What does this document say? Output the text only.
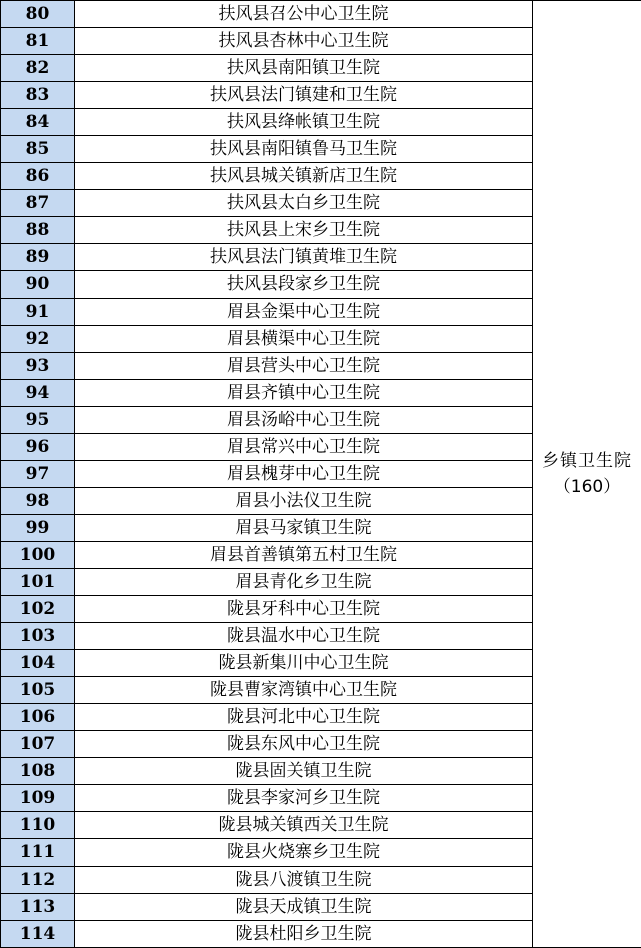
80	扶风县召公中心卫生院	乡镇卫生院
（160）

81	扶风县杏林中心卫生院	
82	扶风县南阳镇卫生院	
83	扶风县法门镇建和卫生院	
84	扶风县绛帐镇卫生院	
85	扶风县南阳镇鲁马卫生院	
86	扶风县城关镇新店卫生院	
87	扶风县太白乡卫生院	
88	扶风县上宋乡卫生院	
89	扶风县法门镇黄堆卫生院	
90	扶风县段家乡卫生院	
91	眉县金渠中心卫生院	
92	眉县横渠中心卫生院	
93	眉县营头中心卫生院	
94	眉县齐镇中心卫生院	
95	眉县汤峪中心卫生院	
96	眉县常兴中心卫生院	
97	眉县槐芽中心卫生院	
98	眉县小法仪卫生院	
99	眉县马家镇卫生院	
100	眉县首善镇第五村卫生院	
101	眉县青化乡卫生院	
102	陇县牙科中心卫生院	
103	陇县温水中心卫生院	
104	陇县新集川中心卫生院	
105	陇县曹家湾镇中心卫生院	
106	陇县河北中心卫生院	
107	陇县东风中心卫生院	
108	陇县固关镇卫生院	
109	陇县李家河乡卫生院	
110	陇县城关镇西关卫生院	
111	陇县火烧寨乡卫生院	
112	陇县八渡镇卫生院	
113	陇县天成镇卫生院	
114	陇县杜阳乡卫生院	
